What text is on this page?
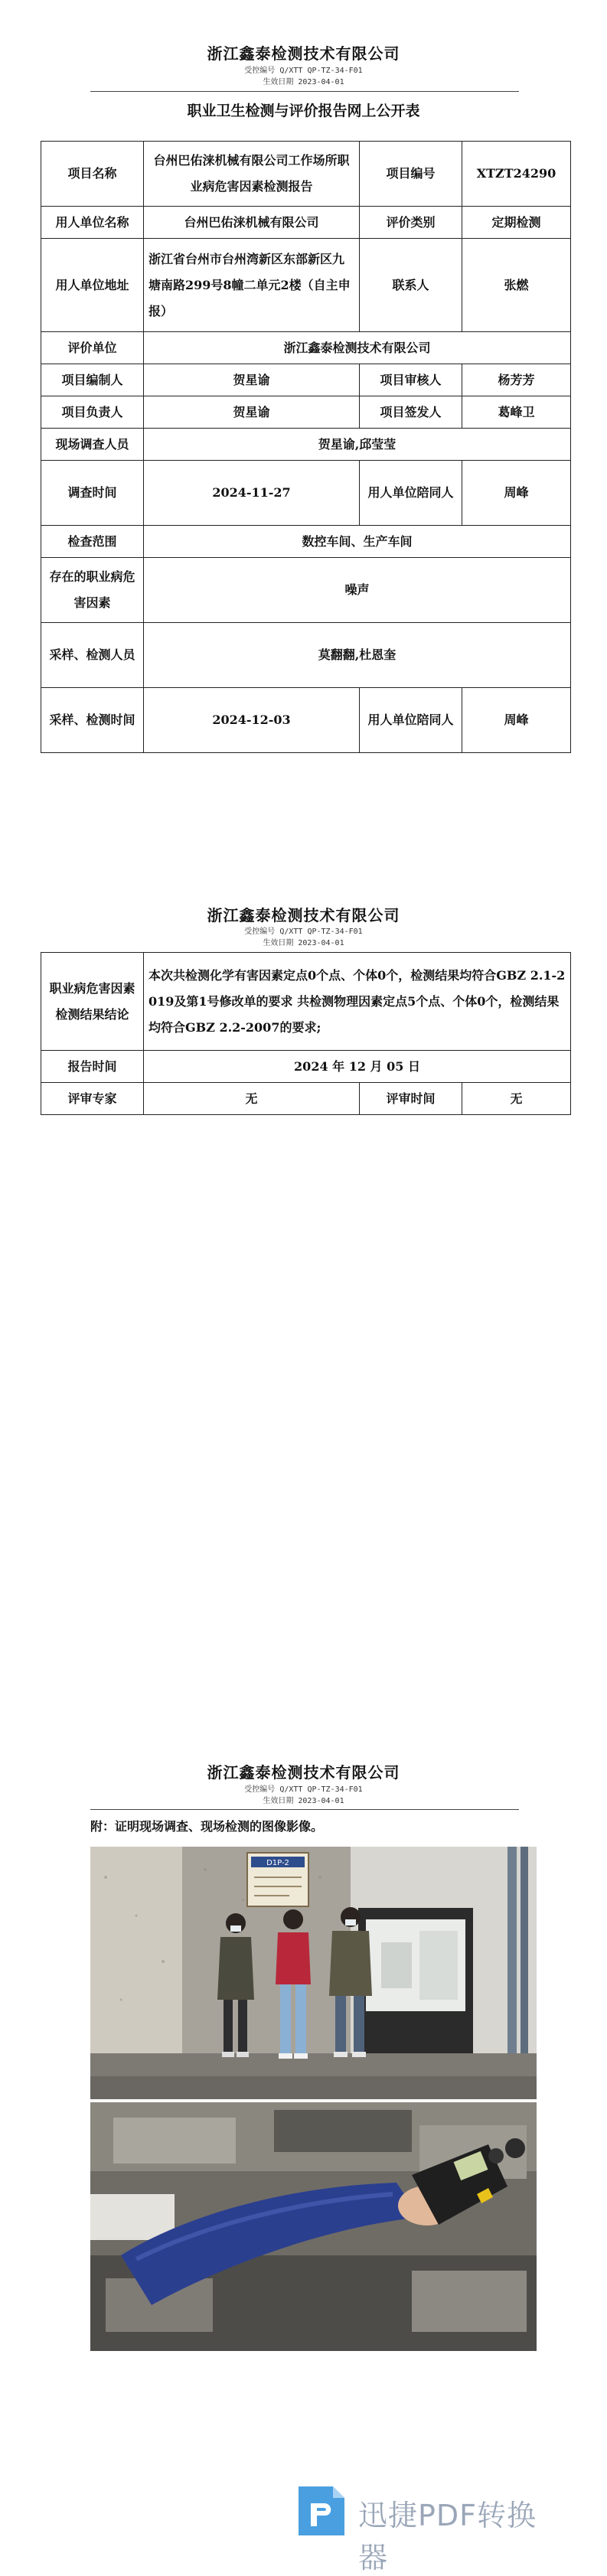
浙江鑫泰检测技术有限公司
受控编号 Q/XTT QP-TZ-34-F01
生效日期 2023-04-01
职业卫生检测与评价报告网上公开表
项目名称	台州巴佑涞机械有限公司工作场所职业病危害因素检测报告	项目编号	XTZT24290
用人单位名称	台州巴佑涞机械有限公司	评价类别	定期检测
用人单位地址	浙江省台州市台州湾新区东部新区九塘南路299号8幢二单元2楼（自主申报）	联系人	张燃
评价单位	浙江鑫泰检测技术有限公司		
项目编制人	贺星谕	项目审核人	杨芳芳
项目负责人	贺星谕	项目签发人	葛峰卫
现场调查人员	贺星谕,邱莹莹		
调查时间	2024-11-27	用人单位陪同人	周峰
检查范围	数控车间、生产车间		
存在的职业病危害因素	噪声		
采样、检测人员	莫翻翻,杜恩奎		
采样、检测时间	2024-12-03	用人单位陪同人	周峰
浙江鑫泰检测技术有限公司
受控编号 Q/XTT QP-TZ-34-F01
生效日期 2023-04-01
职业病危害因素检测结果结论	本次共检测化学有害因素定点0个点、个体0个，检测结果均符合GBZ 2.1-2019及第1号修改单的要求 共检测物理因素定点5个点、个体0个，检测结果均符合GBZ 2.2-2007的要求;		
报告时间	2024 年 12 月 05 日		
评审专家	无	评审时间	无
浙江鑫泰检测技术有限公司
受控编号 Q/XTT QP-TZ-34-F01
生效日期 2023-04-01
附：证明现场调查、现场检测的图像影像。
D1P-2
迅捷PDF转换器
